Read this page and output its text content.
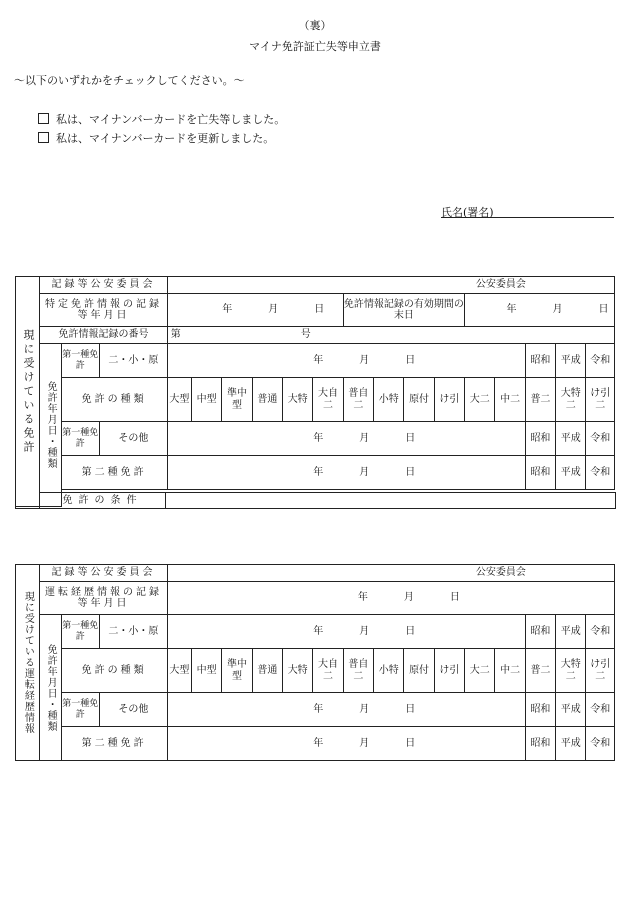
（裏）
マイナ免許証亡失等申立書
～以下のいずれかをチェックしてください。～
私は、マイナンバーカードを亡失等しました。
私は、マイナンバーカードを更新しました。
氏名(署名)
現に受けている免許	記録等公安委員会			公安委員会														
	特定免許情報の記録等年月日			年 月 日						免許情報記録の有効期間の末日				年 月 日				

	免許情報記録の番号			第 号														

	免許年月日・種類	第一種免許	二・小・原	年 月 日												昭和	平成	令和
		免許の種類		大型	中型	準中型	普通	大特	大自二	普自二	小特	原付	け引	大二	中二	普二	大特二	け引二
		第一種免許	その他	年 月 日												昭和	平成	令和
		第二種免許		年 月 日												昭和	平成	令和

	免許の条件	
現に受けている運転経歴情報	記録等公安委員会			公安委員会														
	運転経歴情報の記録等年月日			年 月 日														

	免許年月日・種類	第一種免許	二・小・原	年 月 日												昭和	平成	令和
		免許の種類		大型	中型	準中型	普通	大特	大自二	普自二	小特	原付	け引	大二	中二	普二	大特二	け引二
		第一種免許	その他	年 月 日												昭和	平成	令和
		第二種免許		年 月 日												昭和	平成	令和
